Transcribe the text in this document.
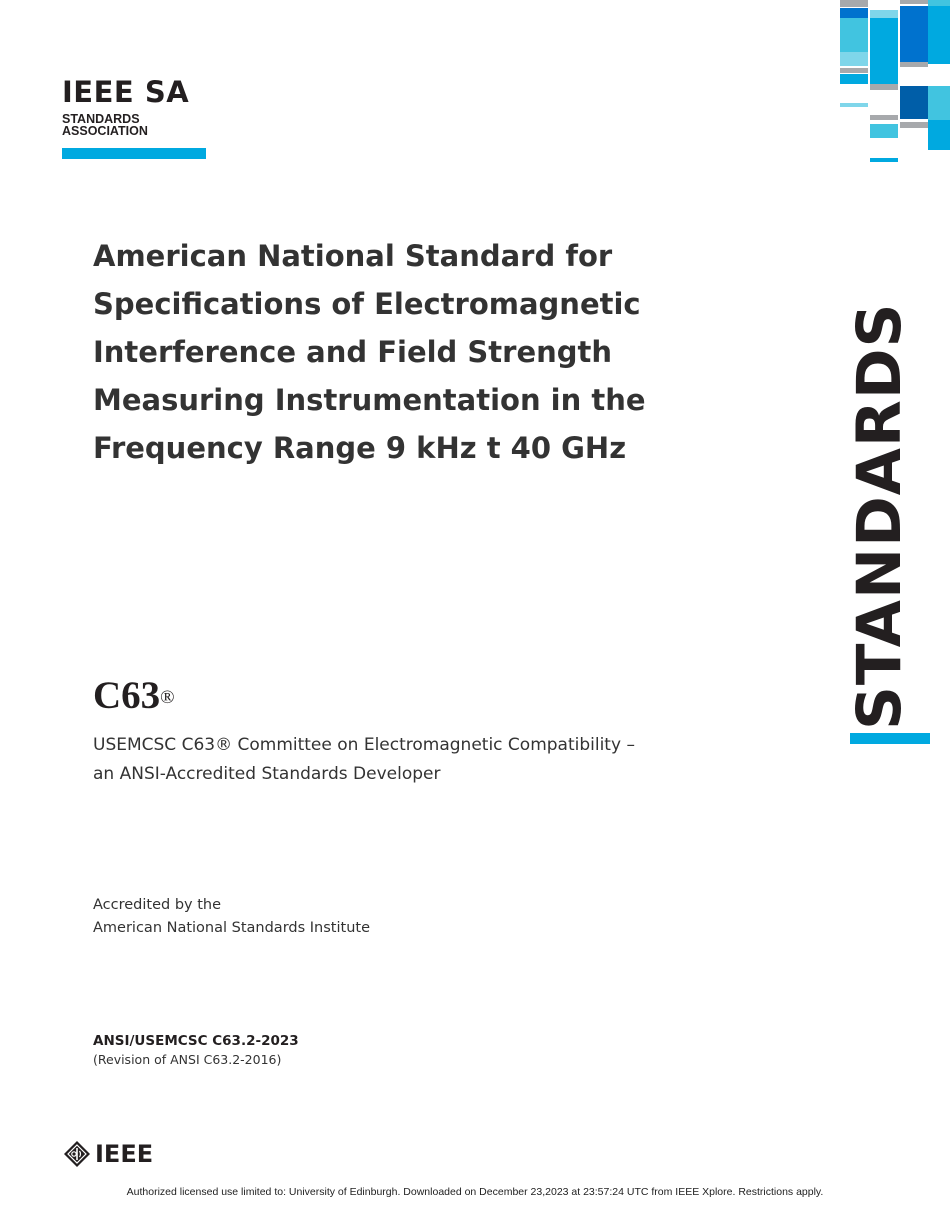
IEEE SA
STANDARDS
ASSOCIATION
STANDARDS
American National Standard for Specifications of Electromagnetic Interference and Field Strength Measuring Instrumentation in the Frequency Range 9 kHz t 40 GHz
C63®
USEMCSC C63® Committee on Electromagnetic Compatibility –
an ANSI-Accredited Standards Developer
Accredited by the
American National Standards Institute
ANSI/USEMCSC C63.2-2023
(Revision of ANSI C63.2-2016)
IEEE
Authorized licensed use limited to: University of Edinburgh. Downloaded on December 23,2023 at 23:57:24 UTC from IEEE Xplore. Restrictions apply.
